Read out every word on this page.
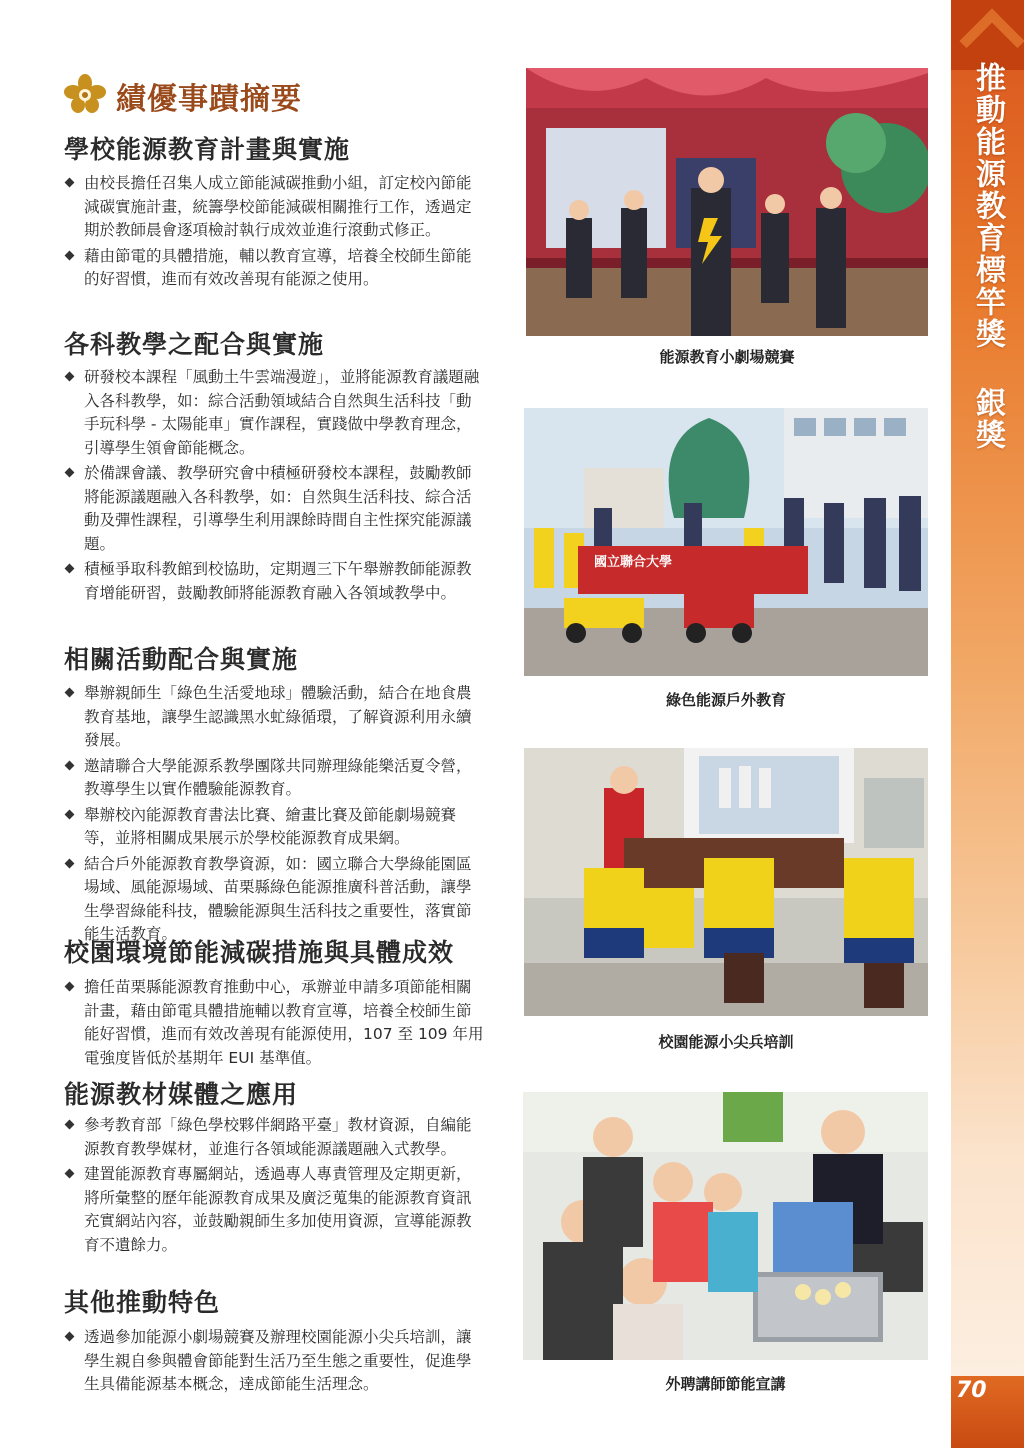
推動能源教育標竿獎 銀獎
70
績優事蹟摘要
學校能源教育計畫與實施
由校長擔任召集人成立節能減碳推動小組，訂定校內節能減碳實施計畫，統籌學校節能減碳相關推行工作，透過定期於教師晨會逐項檢討執行成效並進行滾動式修正。
藉由節電的具體措施，輔以教育宣導，培養全校師生節能的好習慣，進而有效改善現有能源之使用。
各科教學之配合與實施
研發校本課程「風動土牛雲端漫遊」，並將能源教育議題融入各科教學，如：綜合活動領域結合自然與生活科技「動手玩科學 - 太陽能車」實作課程，實踐做中學教育理念，引導學生領會節能概念。
於備課會議、教學研究會中積極研發校本課程，鼓勵教師將能源議題融入各科教學，如：自然與生活科技、綜合活動及彈性課程，引導學生利用課餘時間自主性探究能源議題。
積極爭取科教館到校協助，定期週三下午舉辦教師能源教育增能研習，鼓勵教師將能源教育融入各領域教學中。
相關活動配合與實施
舉辦親師生「綠色生活愛地球」體驗活動，結合在地食農教育基地，讓學生認識黑水虻綠循環，了解資源利用永續發展。
邀請聯合大學能源系教學團隊共同辦理綠能樂活夏令營，教導學生以實作體驗能源教育。
舉辦校內能源教育書法比賽、繪畫比賽及節能劇場競賽等，並將相關成果展示於學校能源教育成果網。
結合戶外能源教育教學資源，如：國立聯合大學綠能園區場域、風能源場域、苗栗縣綠色能源推廣科普活動，讓學生學習綠能科技，體驗能源與生活科技之重要性，落實節能生活教育。
校園環境節能減碳措施與具體成效
擔任苗栗縣能源教育推動中心，承辦並申請多項節能相關計畫，藉由節電具體措施輔以教育宣導，培養全校師生節能好習慣，進而有效改善現有能源使用，107 至 109 年用電強度皆低於基期年 EUI 基準值。
能源教材媒體之應用
參考教育部「綠色學校夥伴網路平臺」教材資源，自編能源教育教學媒材，並進行各領域能源議題融入式教學。
建置能源教育專屬網站，透過專人專責管理及定期更新，將所彙整的歷年能源教育成果及廣泛蒐集的能源教育資訊充實網站內容，並鼓勵親師生多加使用資源，宣導能源教育不遺餘力。
其他推動特色
透過參加能源小劇場競賽及辦理校園能源小尖兵培訓，讓學生親自參與體會節能對生活乃至生態之重要性，促進學生具備能源基本概念，達成節能生活理念。
能源教育小劇場競賽
國立聯合大學
綠色能源戶外教育
校園能源小尖兵培訓
外聘講師節能宣講
